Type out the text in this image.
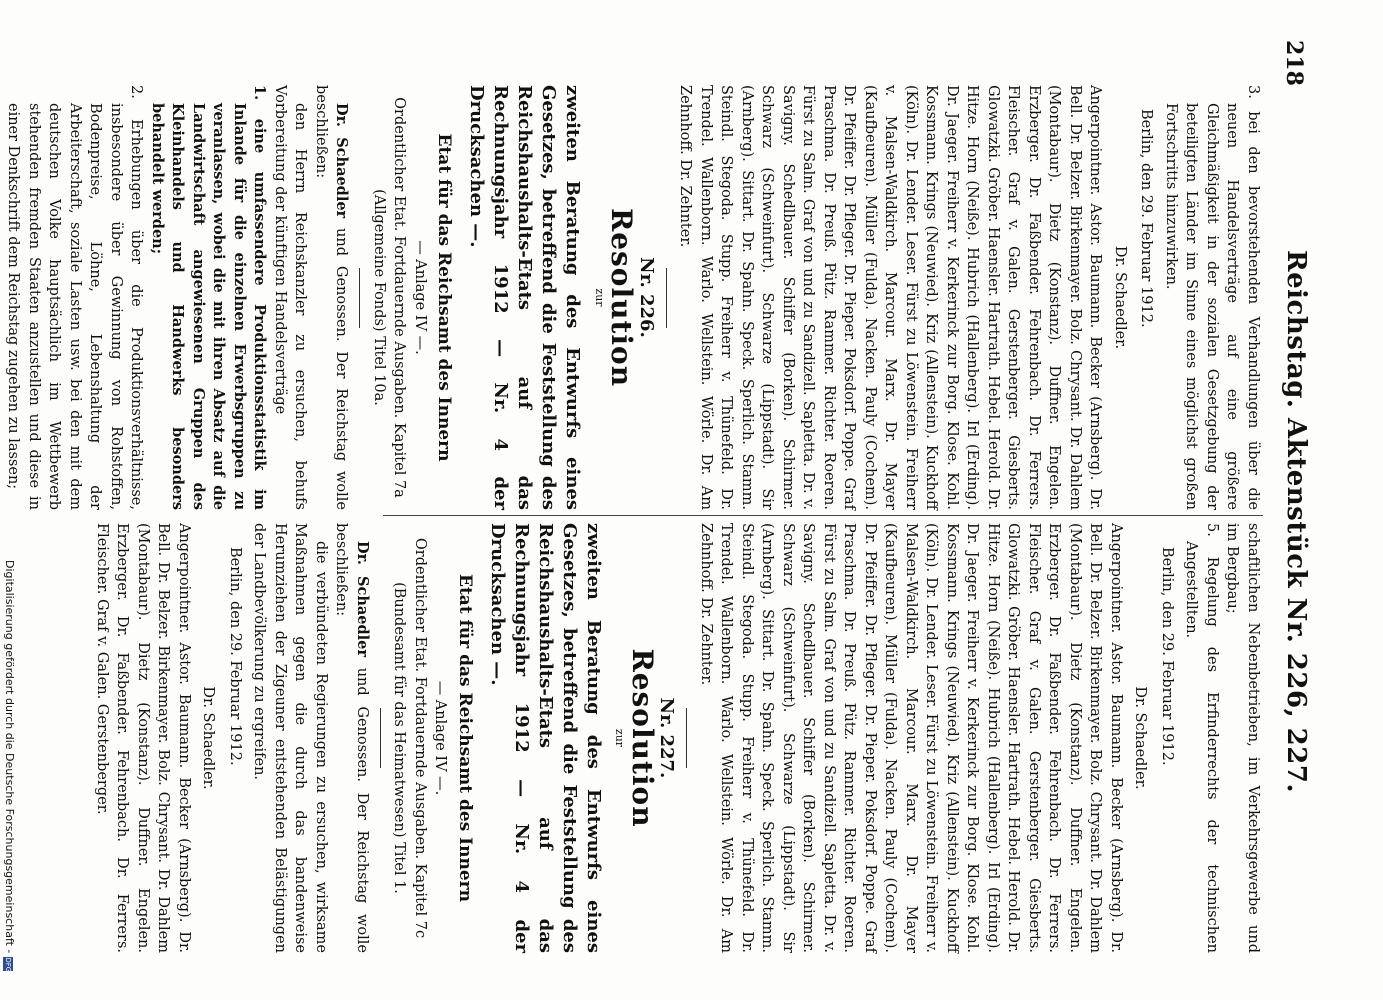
218
Reichstag. Aktenstück Nr. 226, 227.

3. bei den bevorstehenden Verhandlungen über die neuen Handelsverträge auf eine größere Gleichmäßigkeit in der sozialen Gesetzgebung der beteiligten Länder im Sinne eines möglichst großen Fortschritts hinzuwirken.

Berlin, den 29. Februar 1912.

Dr. Schaedler.

Angerpointner. Astor. Baumann. Becker (Arnsberg). Dr. Bell. Dr. Belzer. Birkenmayer. Bolz. Chrysant. Dr. Dahlem (Montabaur). Dietz (Konstanz). Duffner. Engelen. Erzberger. Dr. Faßbender. Fehrenbach. Dr. Ferrers. Fleischer. Graf v. Galen. Gerstenberger. Giesberts. Glowatzki. Gröber. Haensler. Hartrath. Hebel. Herold. Dr. Hitze. Horn (Neiße). Hubrich (Hallenberg). Irl (Erding). Dr. Jaeger. Freiherr v. Kerkerinck zur Borg. Klose. Kohl. Kossmann. Krings (Neuwied). Kriz (Allenstein). Kuckhoff (Köln). Dr. Lender. Leser. Fürst zu Löwenstein. Freiherr v. Malsen-Waldkirch. Marcour. Marx. Dr. Mayer (Kaufbeuren). Müller (Fulda). Nacken. Pauly (Cochem). Dr. Pfeiffer. Dr. Pfleger. Dr. Pieper. Poksdorf. Poppe. Graf Praschma. Dr. Preuß. Pütz. Rammer. Richter. Roeren. Fürst zu Salm. Graf von und zu Sandizell. Sapletta. Dr. v. Savigny. Schedlbauer. Schiffer (Borken). Schirmer. Schwarz (Schweinfurt). Schwarze (Lippstadt). Sir (Arnberg). Sittart. Dr. Spahn. Speck. Sperlich. Stamm. Steindl. Stegoda. Stupp. Freiherr v. Thünefeld. Dr. Trendel. Wallenborn. Warlo. Wellstein. Wörle. Dr. Am Zehnhoff. Dr. Zehnter.

Nr. 226.

Resolution

zur

zweiten Beratung des Entwurfs eines Gesetzes, betreffend die Feststellung des Reichshaushalts-Etats auf das Rechnungsjahr 1912 — Nr. 4 der Drucksachen —.

Etat für das Reichsamt des Innern

— Anlage IV —.

Ordentlicher Etat. Fortdauernde Ausgaben. Kapitel 7a (Allgemeine Fonds) Titel 10a.

Dr. Schaedler und Genossen. Der Reichstag wolle beschließen:

den Herrn Reichskanzler zu ersuchen, behufs Vorbereitung der künftigen Handelsverträge

1. eine umfassendere Produktionsstatistik im Inlande für die einzelnen Erwerbsgruppen zu veranlassen, wobei die mit ihren Absatz auf die Landwirtschaft angewiesenen Gruppen des Kleinhandels und Handwerks besonders behandelt werden;

2. Erhebungen über die Produktionsverhältnisse, insbesondere über Gewinnung von Rohstoffen, Bodenpreise, Löhne, Lebenshaltung der Arbeiterschaft, soziale Lasten usw. bei den mit dem deutschen Volke hauptsächlich im Wettbewerb stehenden fremden Staaten anzustellen und diese in einer Denkschrift dem Reichstag zugehen zu lassen;

schaftlichen Nebenbetrieben, im Verkehrsgewerbe und im Bergbau;

5. Regelung des Erfinderrechts der technischen Angestellten.

Berlin, den 29. Februar 1912.

Dr. Schaedler.

Angerpointner. Astor. Baumann. Becker (Arnsberg). Dr. Bell. Dr. Belzer. Birkenmayer. Bolz. Chrysant. Dr. Dahlem (Montabaur). Dietz (Konstanz). Duffner. Engelen. Erzberger. Dr. Faßbender. Fehrenbach. Dr. Ferrers. Fleischer. Graf v. Galen. Gerstenberger. Giesberts. Glowatzki. Gröber. Haensler. Hartrath. Hebel. Herold. Dr. Hitze. Horn (Neiße). Hubrich (Hallenberg). Irl (Erding). Dr. Jaeger. Freiherr v. Kerkerinck zur Borg. Klose. Kohl. Kossmann. Krings (Neuwied). Kriz (Allenstein). Kuckhoff (Köln). Dr. Lender. Leser. Fürst zu Löwenstein. Freiherr v. Malsen-Waldkirch. Marcour. Marx. Dr. Mayer (Kaufbeuren). Müller (Fulda). Nacken. Pauly (Cochem). Dr. Pfeiffer. Dr. Pfleger. Dr. Pieper. Poksdorf. Poppe. Graf Praschma. Dr. Preuß. Pütz. Rammer. Richter. Roeren. Fürst zu Salm. Graf von und zu Sandizell. Sapletta. Dr. v. Savigny. Schedlbauer. Schiffer (Borken). Schirmer. Schwarz (Schweinfurt). Schwarze (Lippstadt). Sir (Arnberg). Sittart. Dr. Spahn. Speck. Sperlich. Stamm. Steindl. Stegoda. Stupp. Freiherr v. Thünefeld. Dr. Trendel. Wallenborn. Warlo. Wellstein. Wörle. Dr. Am Zehnhoff. Dr. Zehnter.

Nr. 227.

Resolution

zur

zweiten Beratung des Entwurfs eines Gesetzes, betreffend die Feststellung des Reichshaushalts-Etats auf das Rechnungsjahr 1912 — Nr. 4 der Drucksachen —.

Etat für das Reichsamt des Innern

— Anlage IV —.

Ordentlicher Etat. Fortdauernde Ausgaben. Kapitel 7c (Bundesamt für das Heimatwesen) Titel 1.

Dr. Schaedler und Genossen. Der Reichstag wolle beschließen:

die verbündeten Regierungen zu ersuchen, wirksame Maßnahmen gegen die durch das bandenweise Herumziehen der Zigeuner entstehenden Belästigungen der Landbevölkerung zu ergreifen.

Berlin, den 29. Februar 1912.

Dr. Schaedler.

Angerpointner. Astor. Baumann. Becker (Arnsberg). Dr. Bell. Dr. Belzer. Birkenmayer. Bolz. Chrysant. Dr. Dahlem (Montabaur). Dietz (Konstanz). Duffner. Engelen. Erzberger. Dr. Faßbender. Fehrenbach. Dr. Ferrers. Fleischer. Graf v. Galen. Gerstenberger.

Digitalisierung gefördert durch die Deutsche Forschungsgemeinschaft -DFG
